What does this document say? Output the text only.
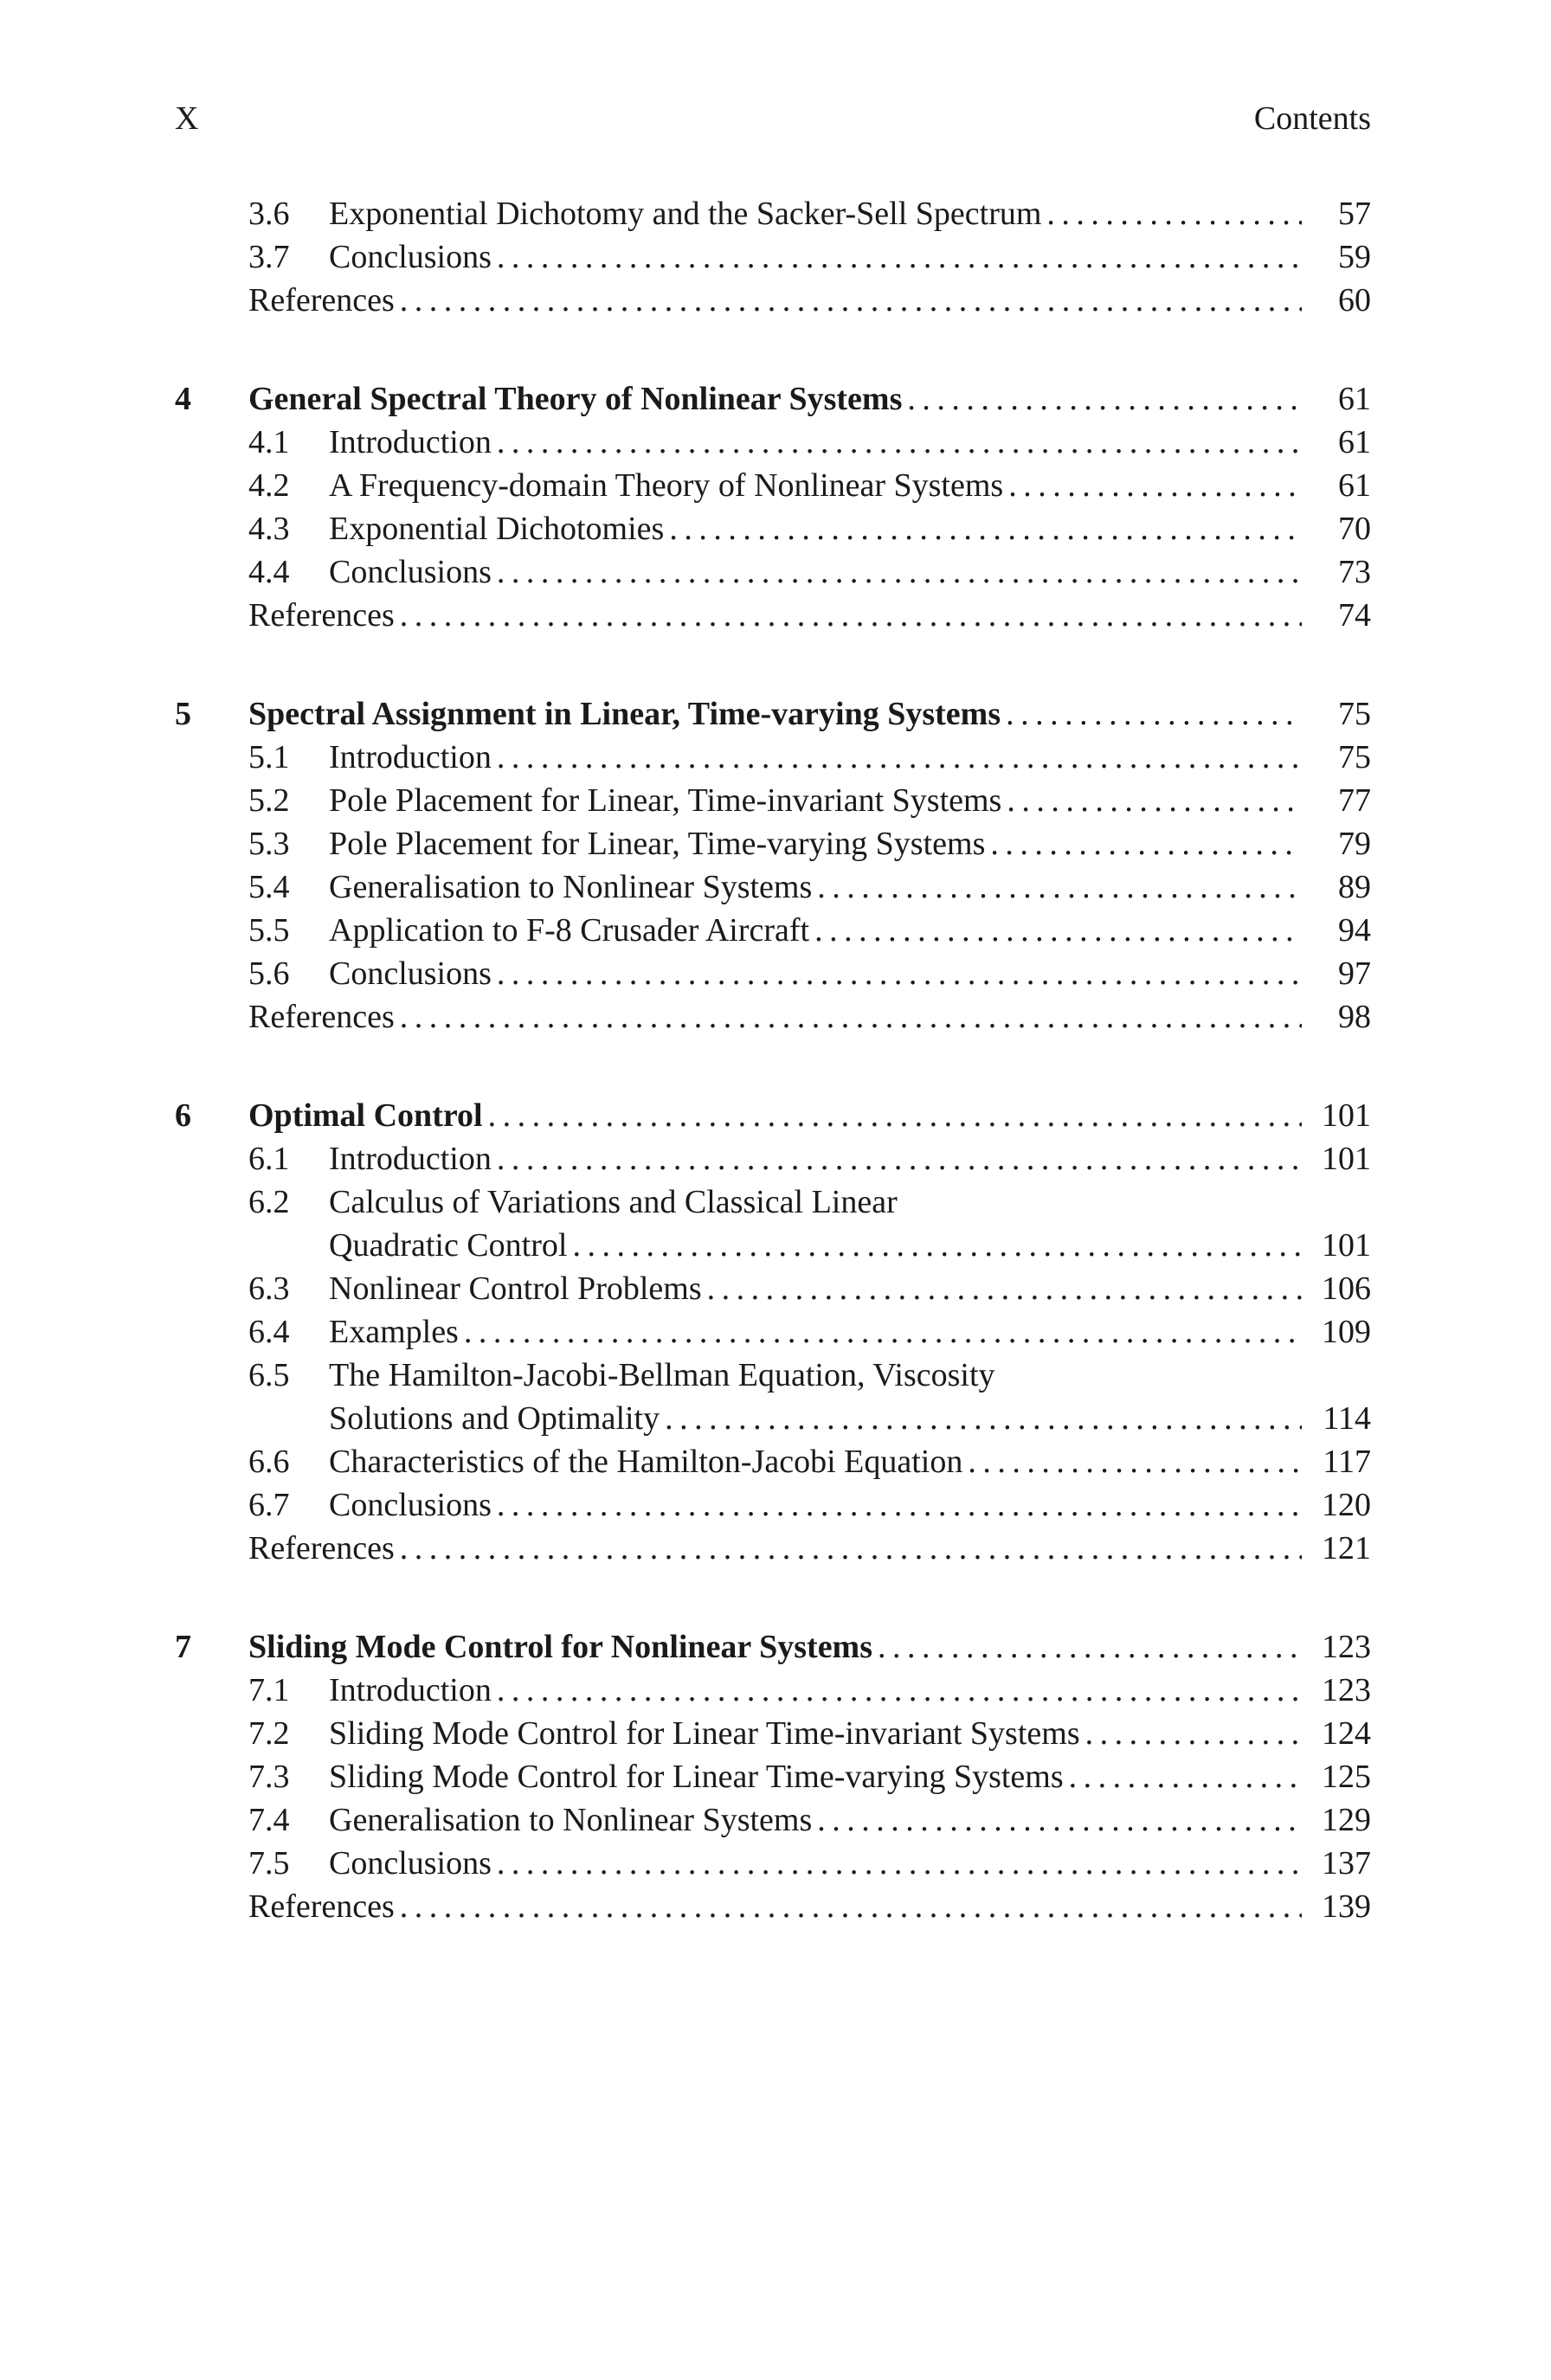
X	Contents
3.6 Exponential Dichotomy and the Sacker-Sell Spectrum . . .	57
3.7 Conclusions . . .	59
References . . .	60
4 General Spectral Theory of Nonlinear Systems . . .	61
4.1 Introduction . . .	61
4.2 A Frequency-domain Theory of Nonlinear Systems . . .	61
4.3 Exponential Dichotomies . . .	70
4.4 Conclusions . . .	73
References . . .	74
5 Spectral Assignment in Linear, Time-varying Systems . . .	75
5.1 Introduction . . .	75
5.2 Pole Placement for Linear, Time-invariant Systems . . .	77
5.3 Pole Placement for Linear, Time-varying Systems . . .	79
5.4 Generalisation to Nonlinear Systems . . .	89
5.5 Application to F-8 Crusader Aircraft . . .	94
5.6 Conclusions . . .	97
References . . .	98
6 Optimal Control . . .	101
6.1 Introduction . . .	101
6.2 Calculus of Variations and Classical Linear
Quadratic Control . . .	101
6.3 Nonlinear Control Problems . . .	106
6.4 Examples . . .	109
6.5 The Hamilton-Jacobi-Bellman Equation, Viscosity
Solutions and Optimality . . .	114
6.6 Characteristics of the Hamilton-Jacobi Equation . . .	117
6.7 Conclusions . . .	120
References . . .	121
7 Sliding Mode Control for Nonlinear Systems . . .	123
7.1 Introduction . . .	123
7.2 Sliding Mode Control for Linear Time-invariant Systems . . .	124
7.3 Sliding Mode Control for Linear Time-varying Systems . . .	125
7.4 Generalisation to Nonlinear Systems . . .	129
7.5 Conclusions . . .	137
References . . .	139
